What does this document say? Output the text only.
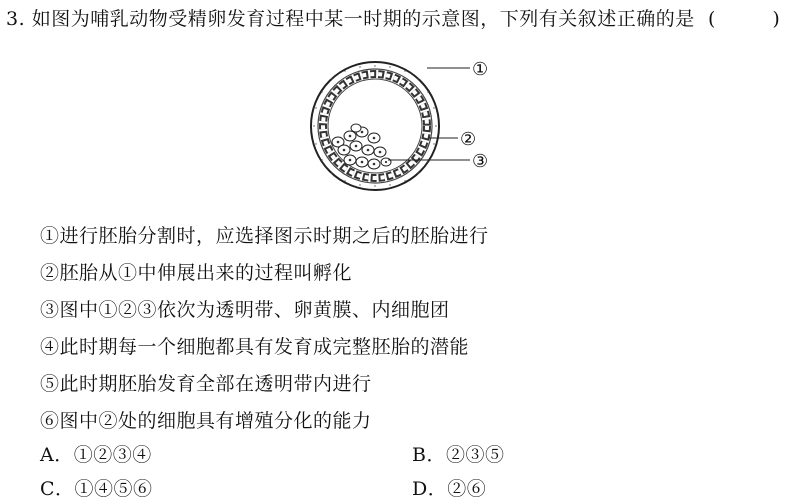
3. 如图为哺乳动物受精卵发育过程中某一时期的示意图，下列有关叙述正确的是 (　　　)
①
②
③
①进行胚胎分割时，应选择图示时期之后的胚胎进行
②胚胎从①中伸展出来的过程叫孵化
③图中①②③依次为透明带、卵黄膜、内细胞团
④此时期每一个细胞都具有发育成完整胚胎的潜能
⑤此时期胚胎发育全部在透明带内进行
⑥图中②处的细胞具有增殖分化的能力
A．①②③④	B．②③⑤
C．①④⑤⑥	D．②⑥
